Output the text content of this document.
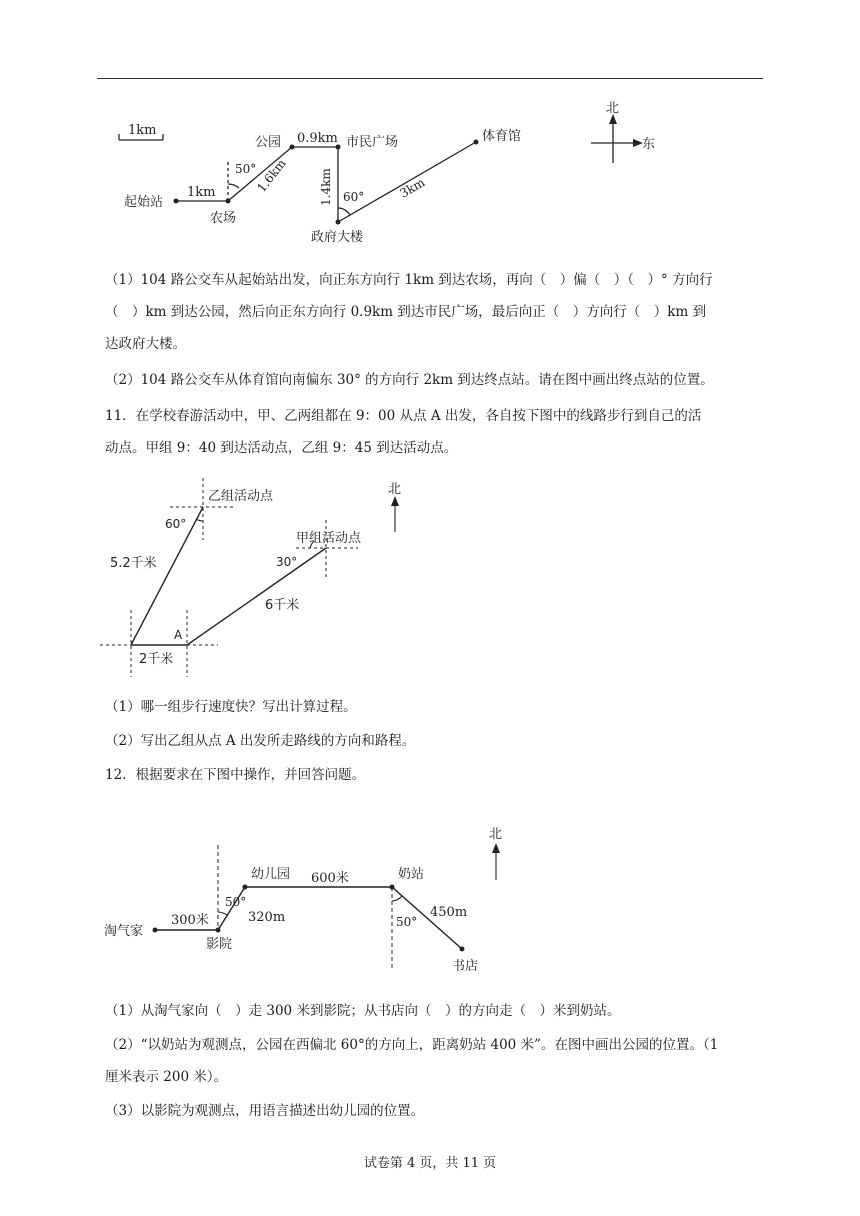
1km
起始站
农场
公园	市民广场	体育馆
政府大楼
1km
0.9km
50°
60°
1.6km	1.4km	3km
北
东
（1）104 路公交车从起始站出发，向正东方向行 1km 到达农场，再向（　）偏（　）（　）° 方向行
（　）km 到达公园，然后向正东方向行 0.9km 到达市民广场，最后向正（　）方向行（　）km 到
达政府大楼。
（2）104 路公交车从体育馆向南偏东 30° 的方向行 2km 到达终点站。请在图中画出终点站的位置。
11．在学校春游活动中，甲、乙两组都在 9：00 从点 A 出发，各自按下图中的线路步行到自己的活
动点。甲组 9：40 到达活动点，乙组 9：45 到达活动点。
乙组活动点
甲组活动点
A
5.2千米
6千米
2千米
60°
30°
北
（1）哪一组步行速度快？写出计算过程。
（2）写出乙组从点 A 出发所走路线的方向和路程。
12．根据要求在下图中操作，并回答问题。
淘气家
影院
幼儿园	奶站
书店
300米	320m
600米
450m
50°
50°
北
（1）从淘气家向（　）走 300 米到影院；从书店向（　）的方向走（　）米到奶站。
（2）“以奶站为观测点，公园在西偏北 60°的方向上，距离奶站 400 米”。在图中画出公园的位置。（1
厘米表示 200 米）。
（3）以影院为观测点，用语言描述出幼儿园的位置。
试卷第 4 页，共 11 页
